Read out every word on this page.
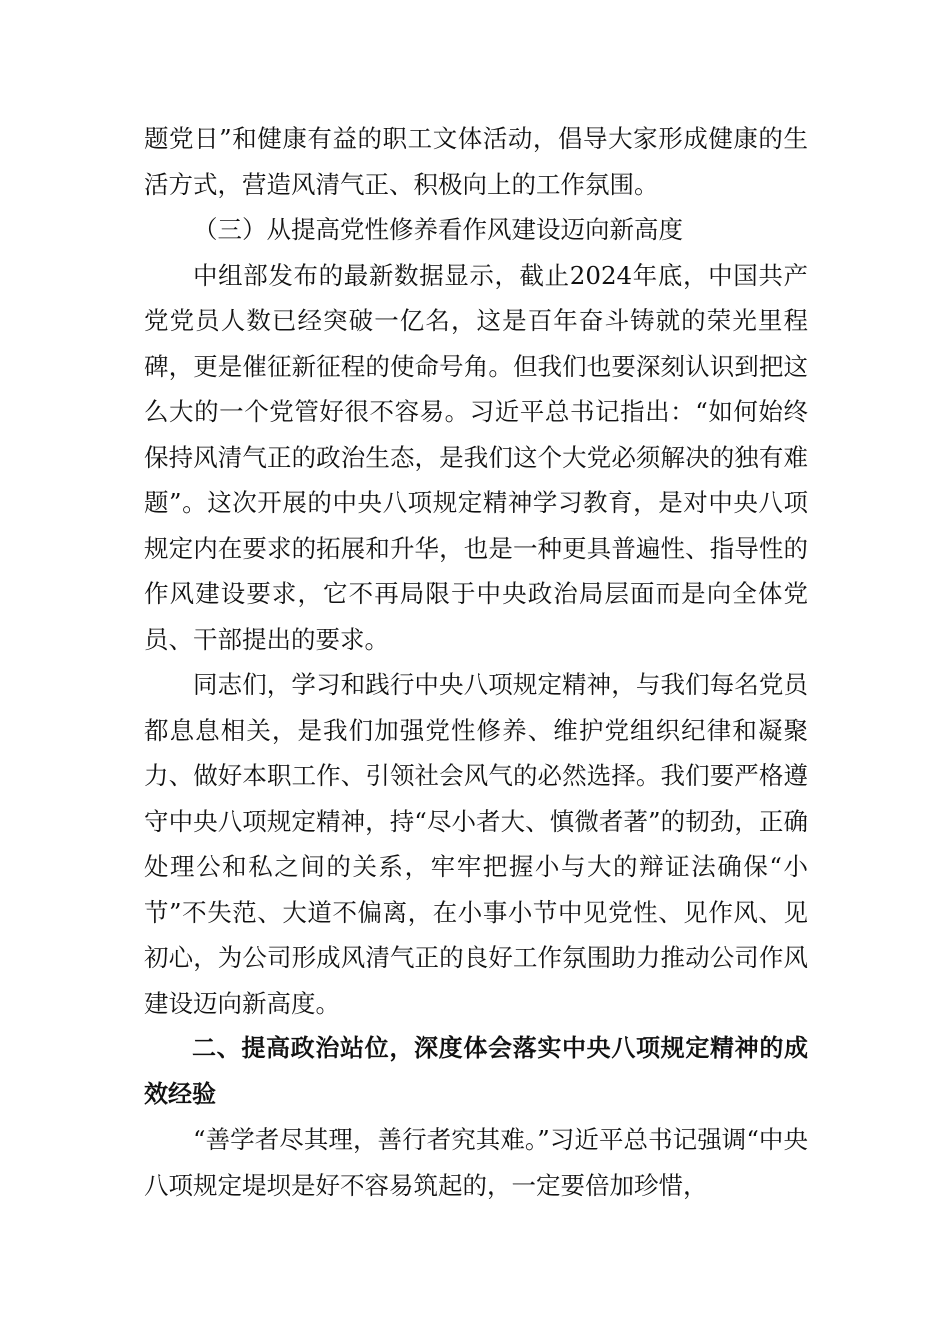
题党日”和健康有益的职工文体活动，倡导大家形成健康的生活方式，营造风清气正、积极向上的工作氛围。

（三）从提高党性修养看作风建设迈向新高度

中组部发布的最新数据显示，截止2024年底，中国共产党党员人数已经突破一亿名，这是百年奋斗铸就的荣光里程碑，更是催征新征程的使命号角。但我们也要深刻认识到把这么大的一个党管好很不容易。习近平总书记指出：“如何始终保持风清气正的政治生态，是我们这个大党必须解决的独有难题”。这次开展的中央八项规定精神学习教育，是对中央八项规定内在要求的拓展和升华，也是一种更具普遍性、指导性的作风建设要求，它不再局限于中央政治局层面而是向全体党员、干部提出的要求。

同志们，学习和践行中央八项规定精神，与我们每名党员都息息相关，是我们加强党性修养、维护党组织纪律和凝聚力、做好本职工作、引领社会风气的必然选择。我们要严格遵守中央八项规定精神，持“尽小者大、慎微者著”的韧劲，正确处理公和私之间的关系，牢牢把握小与大的辩证法确保“小节”不失范、大道不偏离，在小事小节中见党性、见作风、见初心，为公司形成风清气正的良好工作氛围助力推动公司作风建设迈向新高度。

二、提高政治站位，深度体会落实中央八项规定精神的成效经验

“善学者尽其理，善行者究其难。”习近平总书记强调“中央八项规定堤坝是好不容易筑起的，一定要倍加珍惜，
